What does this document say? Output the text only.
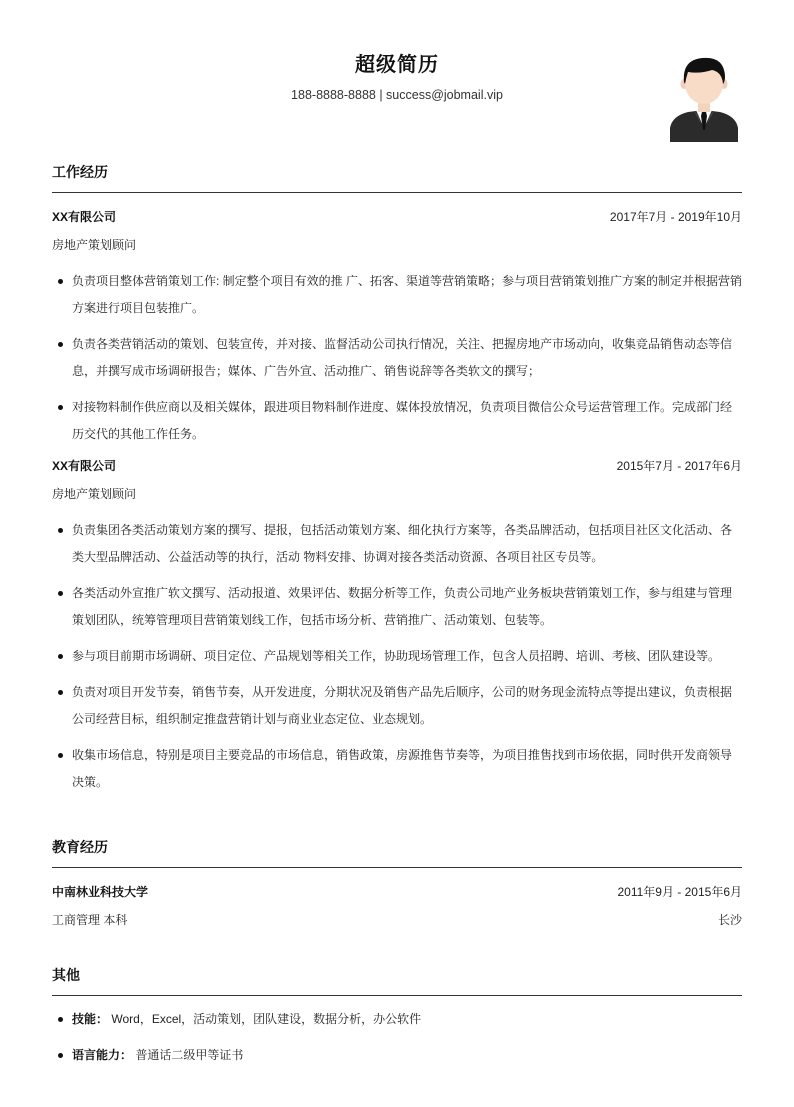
超级简历
188-8888-8888 | success@jobmail.vip
工作经历
XX有限公司	2017年7月 - 2019年10月
房地产策划顾问
负责项目整体营销策划工作: 制定整个项目有效的推 广、拓客、渠道等营销策略；参与项目营销策划推广方案的制定并根据营销方案进行项目包装推广。
负责各类营销活动的策划、包装宣传，并对接、监督活动公司执行情况，关注、把握房地产市场动向，收集竞品销售动态等信息，并撰写成市场调研报告；媒体、广告外宣、活动推广、销售说辞等各类软文的撰写；
对接物料制作供应商以及相关媒体，跟进项目物料制作进度、媒体投放情况，负责项目微信公众号运营管理工作。完成部门经历交代的其他工作任务。
XX有限公司	2015年7月 - 2017年6月
房地产策划顾问
负责集团各类活动策划方案的撰写、提报，包括活动策划方案、细化执行方案等，各类品牌活动，包括项目社区文化活动、各类大型品牌活动、公益活动等的执行，活动 物料安排、协调对接各类活动资源、各项目社区专员等。
各类活动外宣推广软文撰写、活动报道、效果评估、数据分析等工作，负责公司地产业务板块营销策划工作，参与组建与管理策划团队，统筹管理项目营销策划线工作，包括市场分析、营销推广、活动策划、包装等。
参与项目前期市场调研、项目定位、产品规划等相关工作，协助现场管理工作，包含人员招聘、培训、考核、团队建设等。
负责对项目开发节奏，销售节奏，从开发进度，分期状况及销售产品先后顺序，公司的财务现金流特点等提出建议，负责根据公司经营目标，组织制定推盘营销计划与商业业态定位、业态规划。
收集市场信息，特别是项目主要竞品的市场信息，销售政策，房源推售节奏等，为项目推售找到市场依据，同时供开发商领导决策。
教育经历
中南林业科技大学	2011年9月 - 2015年6月
工商管理 本科	长沙
其他
技能： Word，Excel，活动策划，团队建设，数据分析，办公软件
语言能力： 普通话二级甲等证书
